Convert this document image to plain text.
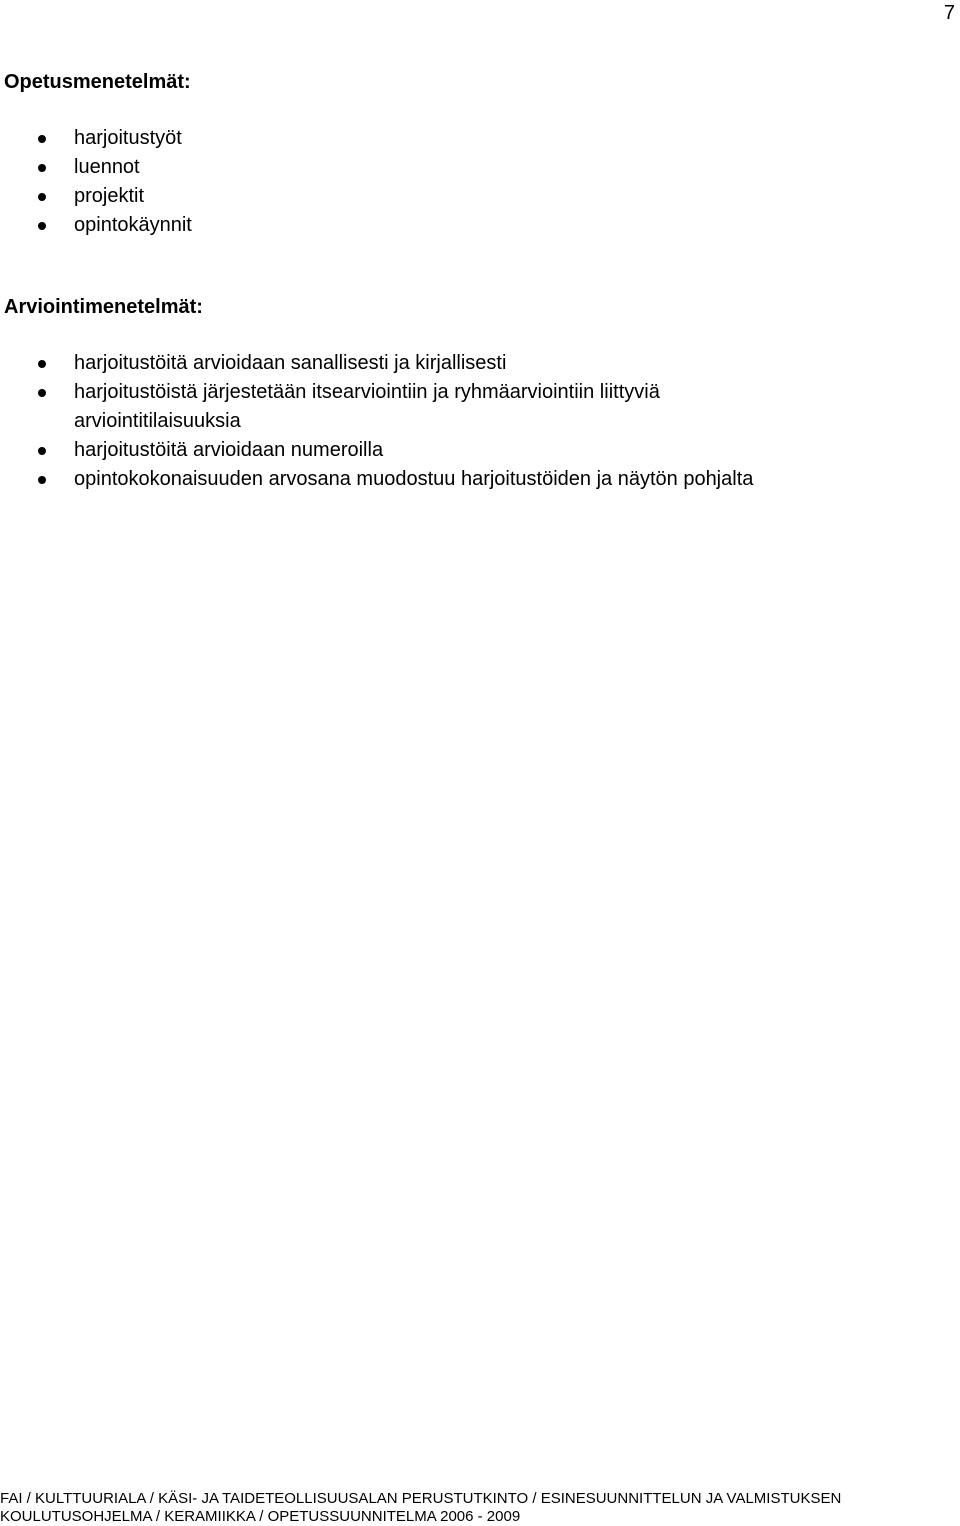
7
Opetusmenetelmät:
harjoitustyöt
luennot
projektit
opintokäynnit
Arviointimenetelmät:
harjoitustöitä arvioidaan sanallisesti ja kirjallisesti
harjoitustöistä järjestetään itsearviointiin ja ryhmäarviointiin liittyviä arviointitilaisuuksia
harjoitustöitä arvioidaan numeroilla
opintokokonaisuuden arvosana muodostuu harjoitustöiden ja näytön pohjalta
FAI / KULTTUURIALA / KÄSI- JA TAIDETEOLLISUUSALAN PERUSTUTKINTO / ESINESUUNNITTELUN JA VALMISTUKSEN
KOULUTUSOHJELMA / KERAMIIKKA / OPETUSSUUNNITELMA 2006 - 2009
